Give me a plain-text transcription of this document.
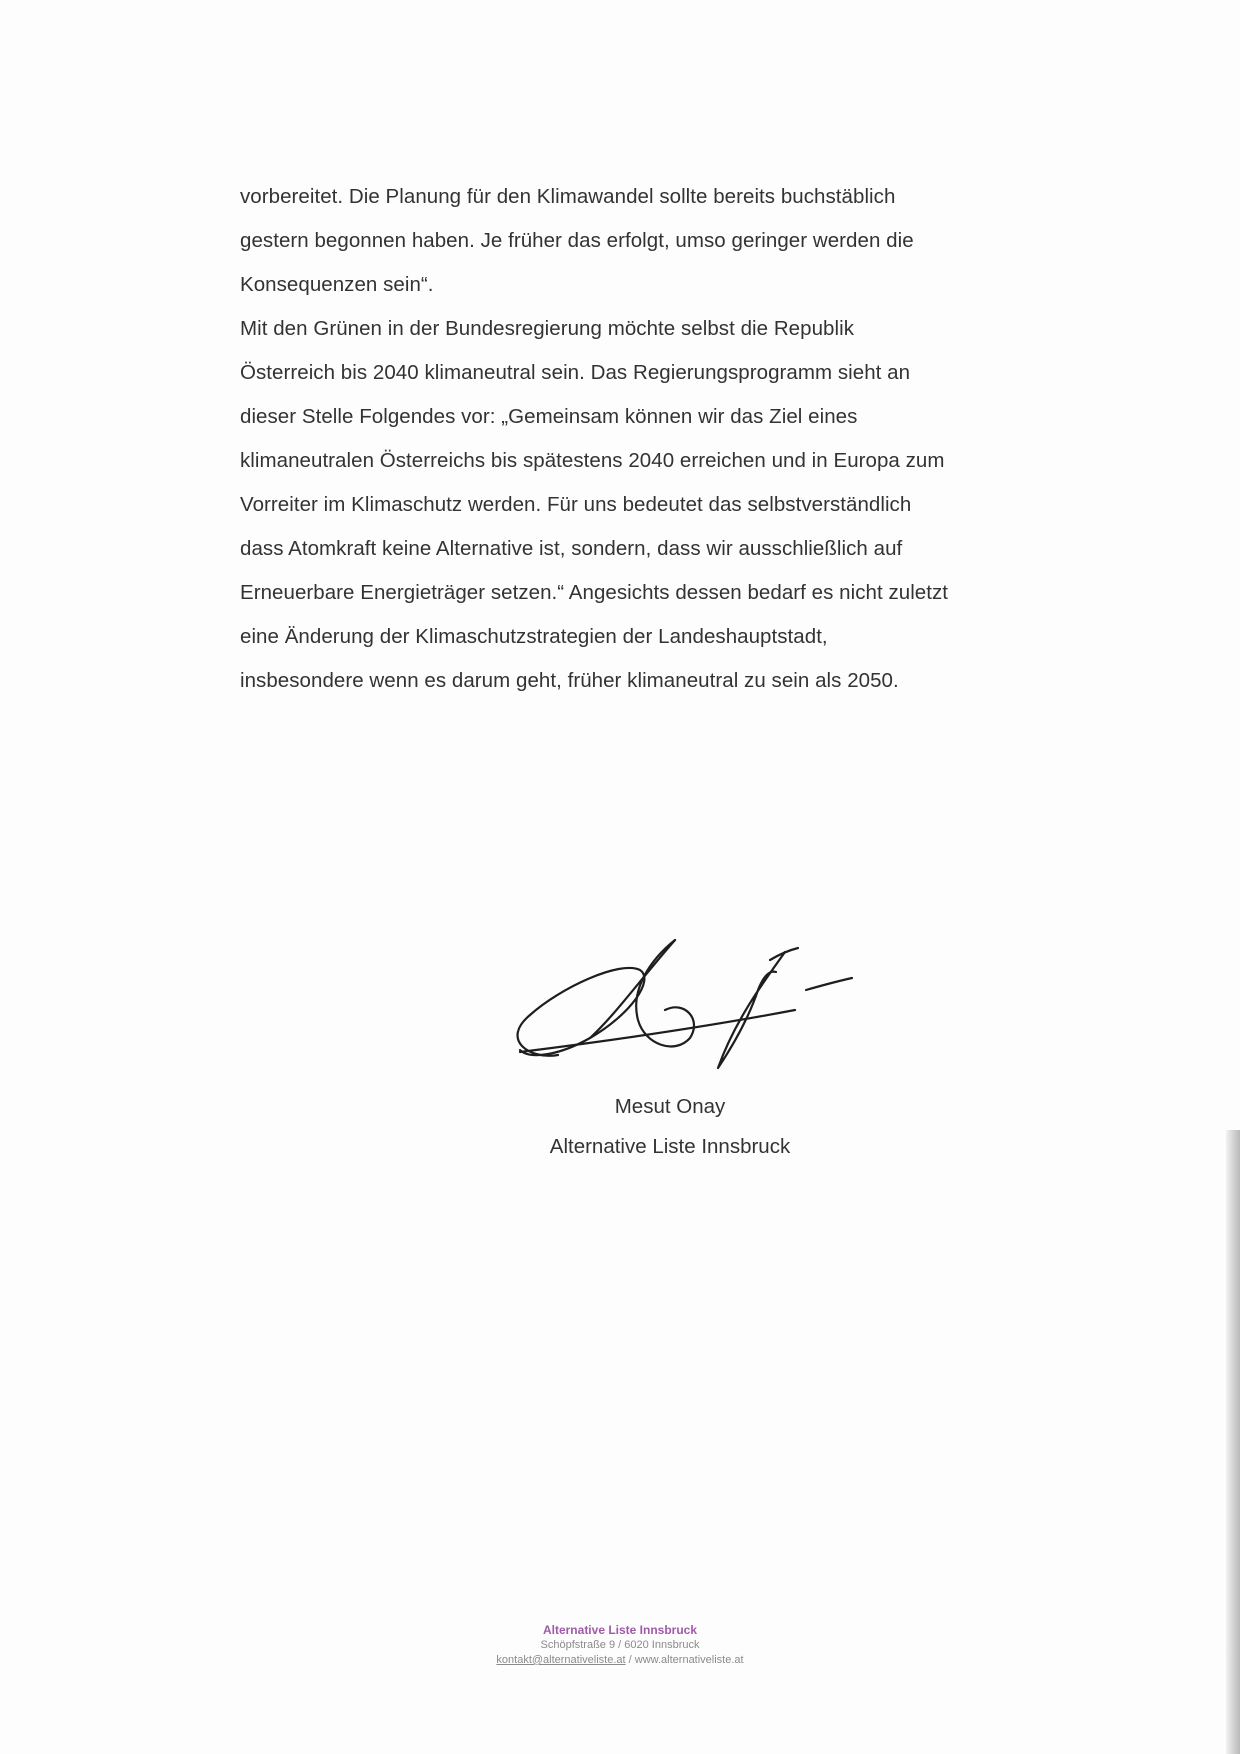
vorbereitet. Die Planung für den Klimawandel sollte bereits buchstäblich
gestern begonnen haben. Je früher das erfolgt, umso geringer werden die
Konsequenzen sein“.
Mit den Grünen in der Bundesregierung möchte selbst die Republik
Österreich bis 2040 klimaneutral sein. Das Regierungsprogramm sieht an
dieser Stelle Folgendes vor: „Gemeinsam können wir das Ziel eines
klimaneutralen Österreichs bis spätestens 2040 erreichen und in Europa zum
Vorreiter im Klimaschutz werden. Für uns bedeutet das selbstverständlich
dass Atomkraft keine Alternative ist, sondern, dass wir ausschließlich auf
Erneuerbare Energieträger setzen.“ Angesichts dessen bedarf es nicht zuletzt
eine Änderung der Klimaschutzstrategien der Landeshauptstadt,
insbesondere wenn es darum geht, früher klimaneutral zu sein als 2050.
Mesut Onay
Alternative Liste Innsbruck
Alternative Liste Innsbruck
Schöpfstraße 9 / 6020 Innsbruck
kontakt@alternativeliste.at / www.alternativeliste.at
